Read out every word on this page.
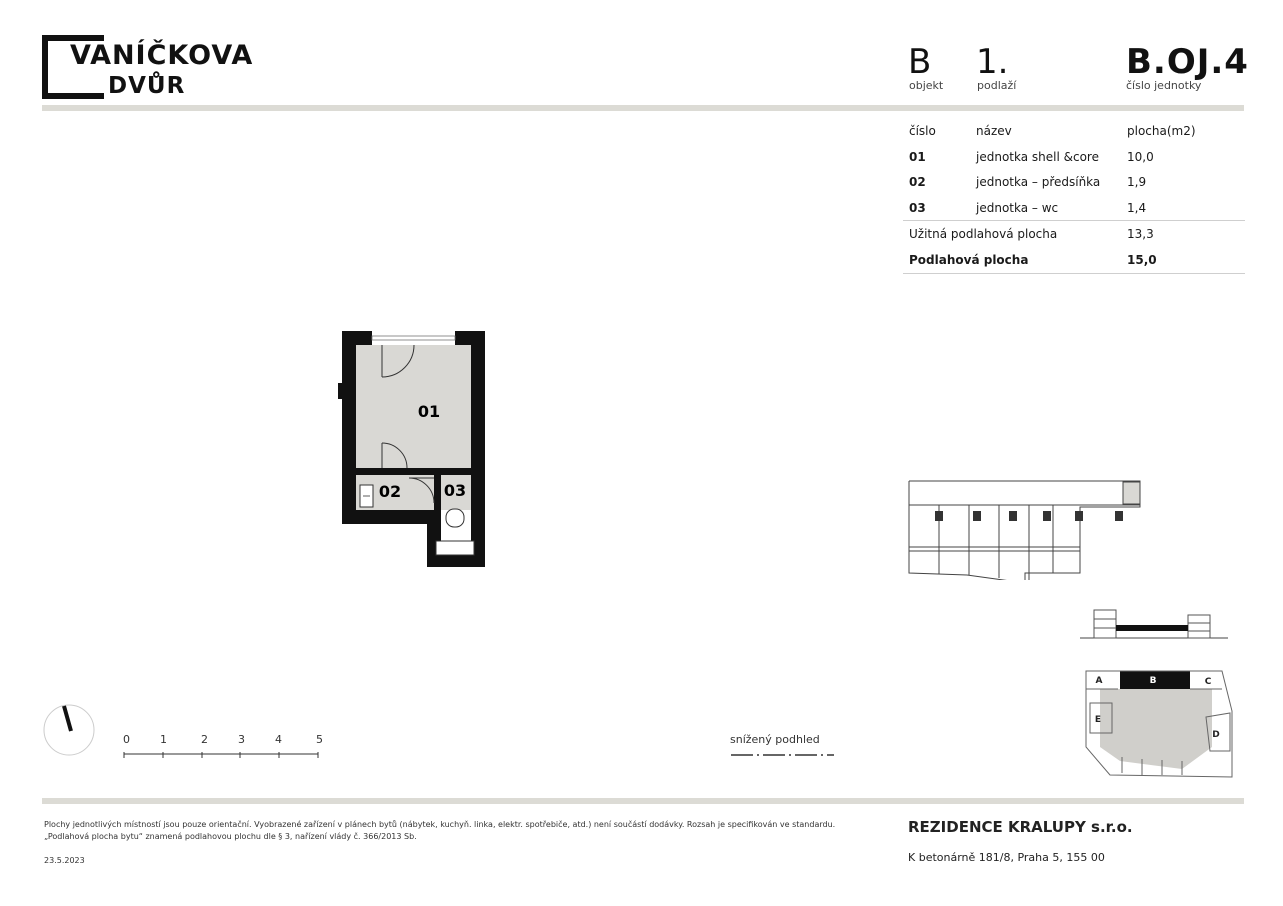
VANÍČKOVA
DVŮR
B
objekt
1.
podlaží
B.OJ.4
číslo jednotky
číslo	název	plocha(m2)
01	jednotka shell &core 10,0
02	jednotka – předsíňka 1,9
03	jednotka – wc	1,4
Užitná podlahová plocha	13,3
Podlahová plocha	15,0
01
02	03
0	1	2	3	4	5	snížený podhled
A	B	C
D
E
Plochy jednotlivých místností jsou pouze orientační. Vyobrazené zařízení v plánech bytů (nábytek, kuchyň. linka, elektr. spotřebiče, atd.) není součástí dodávky. Rozsah je specifikován ve standardu.
„Podlahová plocha bytu“ znamená podlahovou plochu dle § 3, nařízení vlády č. 366/2013 Sb.
23.5.2023
REZIDENCE KRALUPY s.r.o.
K betonárně 181/8, Praha 5, 155 00
